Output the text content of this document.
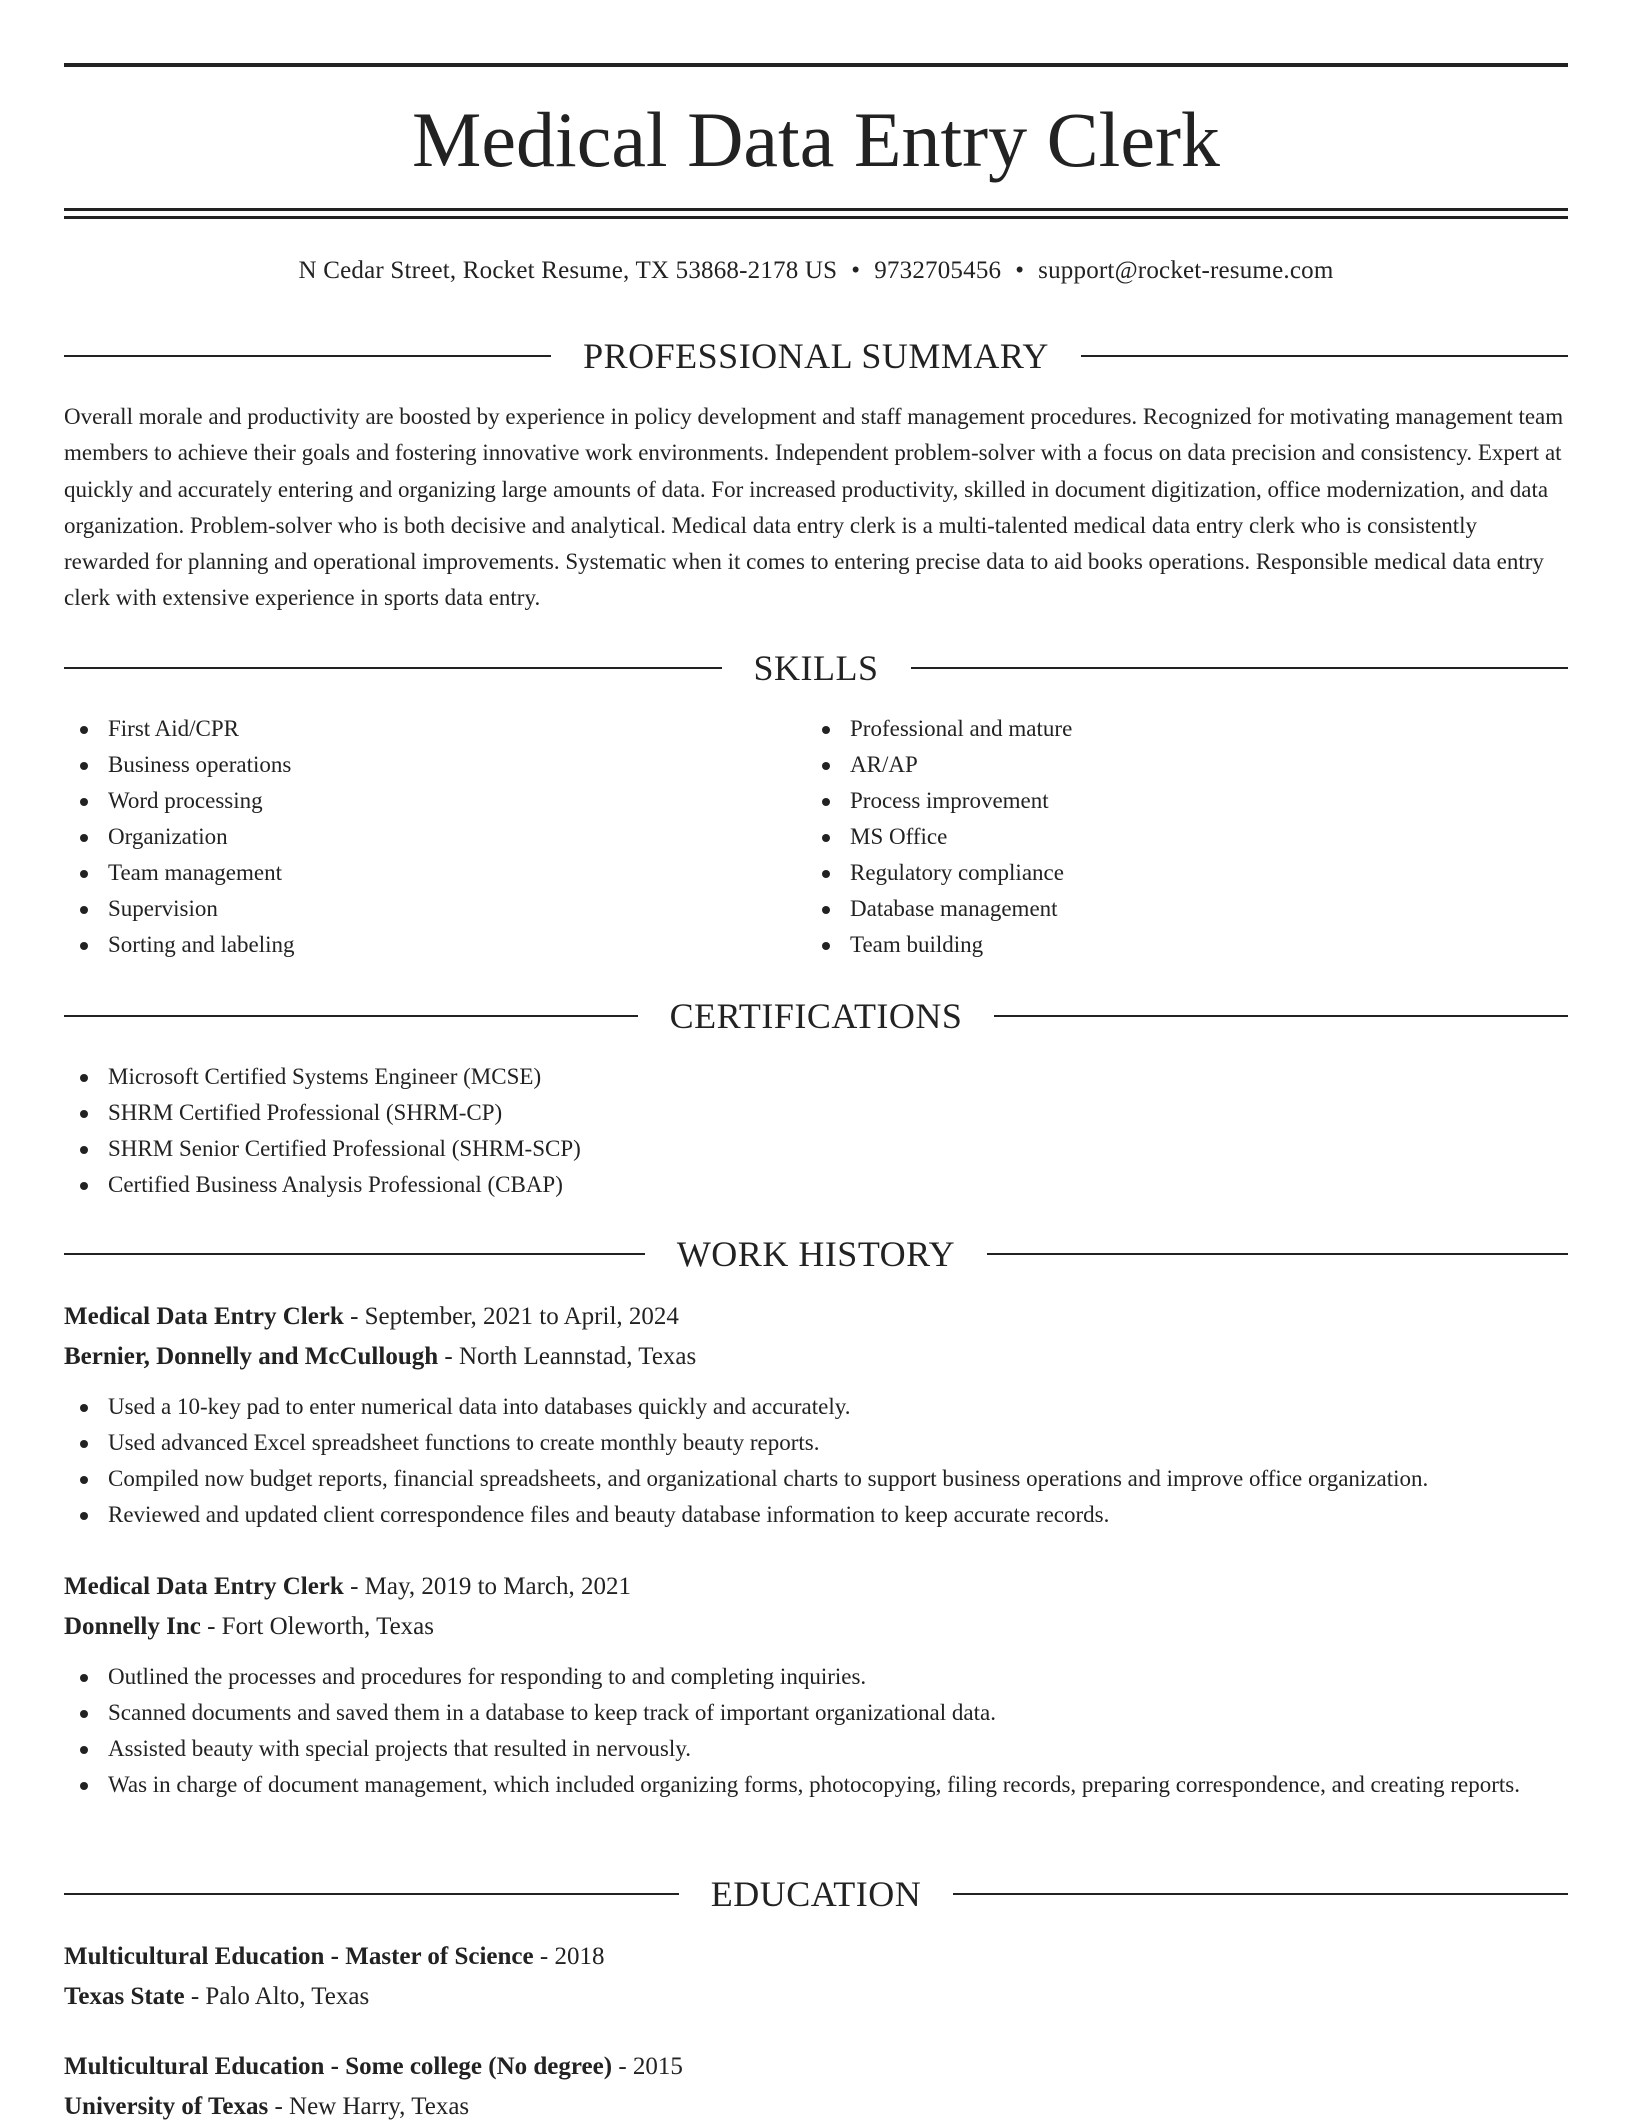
Medical Data Entry Clerk
N Cedar Street, Rocket Resume, TX 53868-2178 US • 9732705456 • support@rocket-resume.com
PROFESSIONAL SUMMARY

Overall morale and productivity are boosted by experience in policy development and staff management procedures. Recognized for motivating management team members to achieve their goals and fostering innovative work environments. Independent problem-solver with a focus on data precision and consistency. Expert at quickly and accurately entering and organizing large amounts of data. For increased productivity, skilled in document digitization, office modernization, and data organization. Problem-solver who is both decisive and analytical. Medical data entry clerk is a multi-talented medical data entry clerk who is consistently rewarded for planning and operational improvements. Systematic when it comes to entering precise data to aid books operations. Responsible medical data entry clerk with extensive experience in sports data entry.

SKILLS
First Aid/CPR
Business operations
Word processing
Organization
Team management
Supervision
Sorting and labeling
Professional and mature
AR/AP
Process improvement
MS Office
Regulatory compliance
Database management
Team building
CERTIFICATIONS
Microsoft Certified Systems Engineer (MCSE)
SHRM Certified Professional (SHRM-CP)
SHRM Senior Certified Professional (SHRM-SCP)
Certified Business Analysis Professional (CBAP)
WORK HISTORY
Medical Data Entry Clerk - September, 2021 to April, 2024
Bernier, Donnelly and McCullough - North Leannstad, Texas
Used a 10-key pad to enter numerical data into databases quickly and accurately.
Used advanced Excel spreadsheet functions to create monthly beauty reports.
Compiled now budget reports, financial spreadsheets, and organizational charts to support business operations and improve office organization.
Reviewed and updated client correspondence files and beauty database information to keep accurate records.
Medical Data Entry Clerk - May, 2019 to March, 2021
Donnelly Inc - Fort Oleworth, Texas
Outlined the processes and procedures for responding to and completing inquiries.
Scanned documents and saved them in a database to keep track of important organizational data.
Assisted beauty with special projects that resulted in nervously.
Was in charge of document management, which included organizing forms, photocopying, filing records, preparing correspondence, and creating reports.
EDUCATION
Multicultural Education - Master of Science - 2018
Texas State - Palo Alto, Texas
Multicultural Education - Some college (No degree) - 2015
University of Texas - New Harry, Texas
